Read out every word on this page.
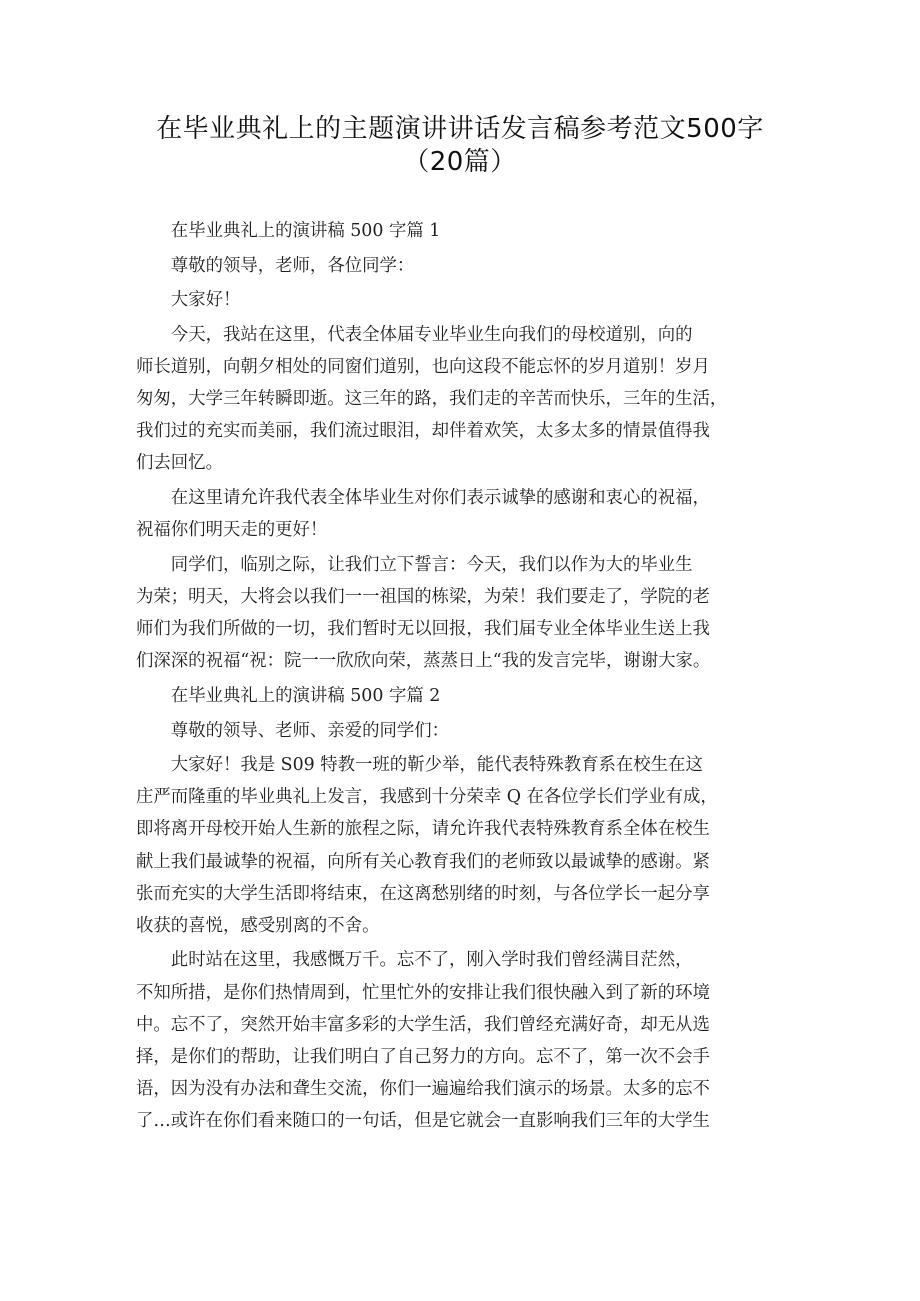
在毕业典礼上的主题演讲讲话发言稿参考范文500字
（20篇）
在毕业典礼上的演讲稿 500 字篇 1
尊敬的领导，老师，各位同学：
大家好！
今天，我站在这里，代表全体届专业毕业生向我们的母校道别，向的
师长道别，向朝夕相处的同窗们道别，也向这段不能忘怀的岁月道别！岁月
匆匆，大学三年转瞬即逝。这三年的路，我们走的辛苦而快乐，三年的生活，
我们过的充实而美丽，我们流过眼泪，却伴着欢笑，太多太多的情景值得我
们去回忆。
在这里请允许我代表全体毕业生对你们表示诚挚的感谢和衷心的祝福，
祝福你们明天走的更好！
同学们，临别之际，让我们立下誓言：今天，我们以作为大的毕业生
为荣；明天，大将会以我们一一祖国的栋梁，为荣！我们要走了，学院的老
师们为我们所做的一切，我们暂时无以回报，我们届专业全体毕业生送上我
们深深的祝福“祝：院一一欣欣向荣，蒸蒸日上“我的发言完毕，谢谢大家。
在毕业典礼上的演讲稿 500 字篇 2
尊敬的领导、老师、亲爱的同学们：
大家好！我是 S09 特教一班的靳少举，能代表特殊教育系在校生在这
庄严而隆重的毕业典礼上发言，我感到十分荣幸 Q 在各位学长们学业有成，
即将离开母校开始人生新的旅程之际，请允许我代表特殊教育系全体在校生
献上我们最诚挚的祝福，向所有关心教育我们的老师致以最诚挚的感谢。紧
张而充实的大学生活即将结束，在这离愁别绪的时刻，与各位学长一起分享
收获的喜悦，感受别离的不舍。
此时站在这里，我感慨万千。忘不了，刚入学时我们曾经满目茫然，
不知所措，是你们热情周到，忙里忙外的安排让我们很快融入到了新的环境
中。忘不了，突然开始丰富多彩的大学生活，我们曾经充满好奇，却无从选
择，是你们的帮助，让我们明白了自己努力的方向。忘不了，第一次不会手
语，因为没有办法和聋生交流，你们一遍遍给我们演示的场景。太多的忘不
了…或许在你们看来随口的一句话，但是它就会一直影响我们三年的大学生
